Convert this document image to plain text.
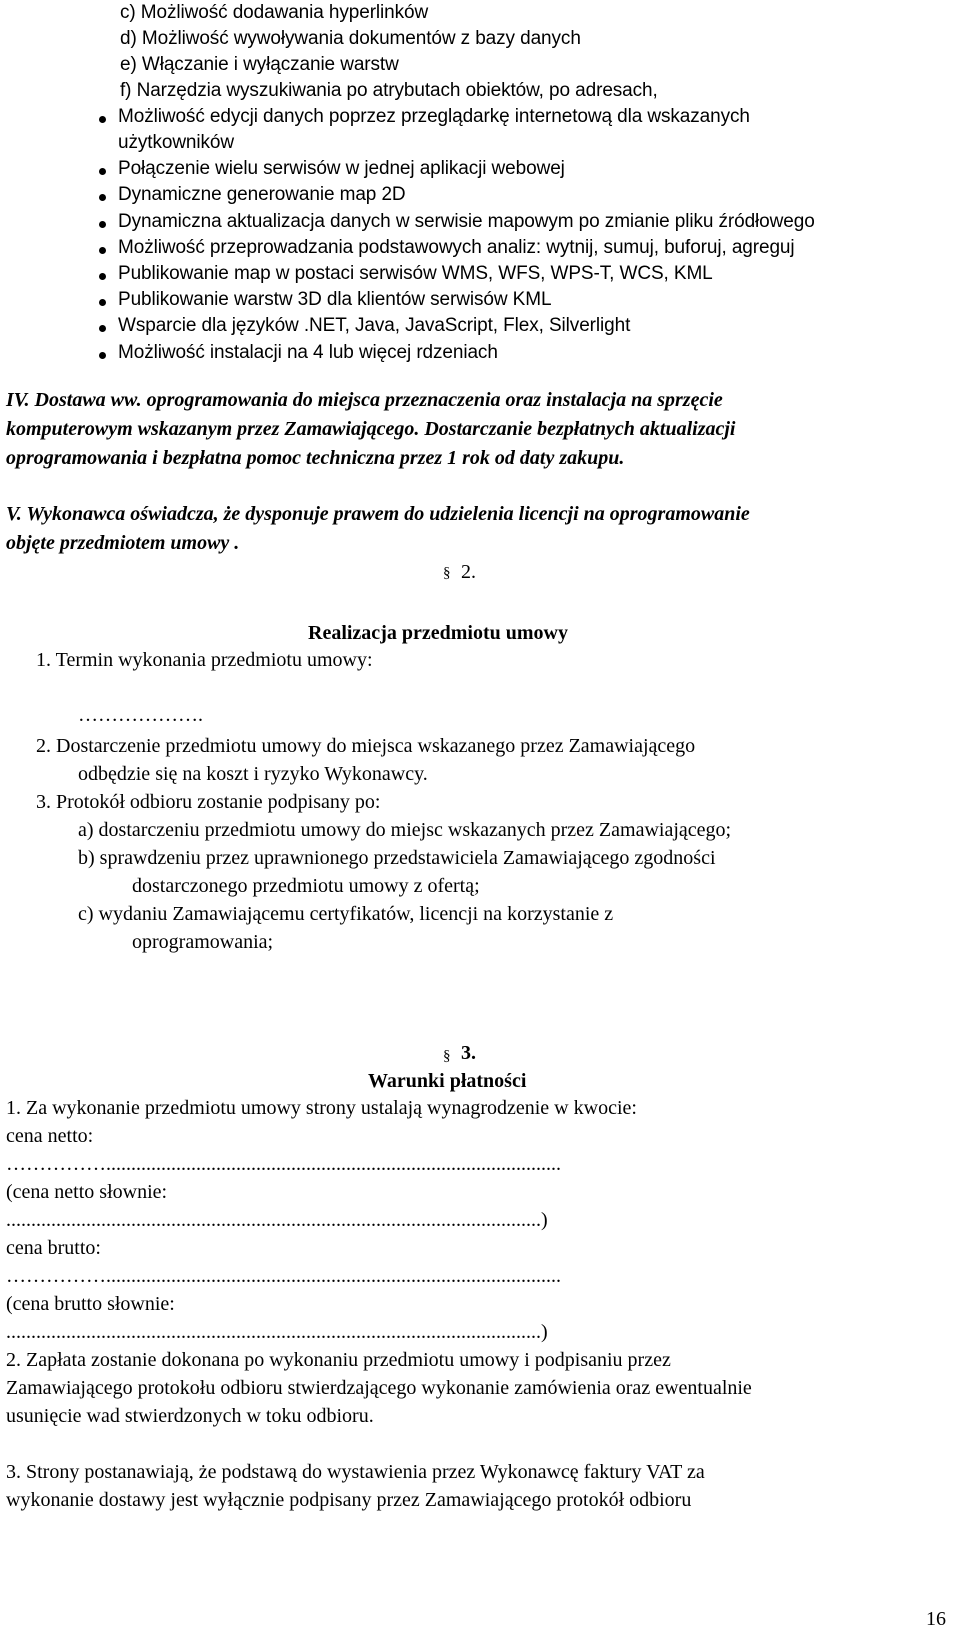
c) Możliwość dodawania hyperlinków
d) Możliwość wywoływania dokumentów z bazy danych
e) Włączanie i wyłączanie warstw
f) Narzędzia wyszukiwania po atrybutach obiektów, po adresach,
Możliwość edycji danych poprzez przeglądarkę internetową dla wskazanych
użytkowników
Połączenie wielu serwisów w jednej aplikacji webowej
Dynamiczne generowanie map 2D
Dynamiczna aktualizacja danych w serwisie mapowym po zmianie pliku źródłowego
Możliwość przeprowadzania podstawowych analiz: wytnij, sumuj, buforuj, agreguj
Publikowanie map w postaci serwisów WMS, WFS, WPS-T, WCS, KML
Publikowanie warstw 3D dla klientów serwisów KML
Wsparcie dla języków .NET, Java, JavaScript, Flex, Silverlight
Możliwość instalacji na 4 lub więcej rdzeniach
IV. Dostawa ww. oprogramowania do miejsca przeznaczenia oraz instalacja na sprzęcie
komputerowym wskazanym przez Zamawiającego. Dostarczanie bezpłatnych aktualizacji
oprogramowania i bezpłatna pomoc techniczna przez 1 rok od daty zakupu.
V. Wykonawca oświadcza, że dysponuje prawem do udzielenia licencji na oprogramowanie
objęte przedmiotem umowy .
§ 2.
Realizacja przedmiotu umowy
1. Termin wykonania przedmiotu umowy:
……………….
2. Dostarczenie przedmiotu umowy do miejsca wskazanego przez Zamawiającego
odbędzie się na koszt i ryzyko Wykonawcy.
3. Protokół odbioru zostanie podpisany po:
a) dostarczeniu przedmiotu umowy do miejsc wskazanych przez Zamawiającego;
b) sprawdzeniu przez uprawnionego przedstawiciela Zamawiającego zgodności
dostarczonego przedmiotu umowy z ofertą;
c) wydaniu Zamawiającemu certyfikatów, licencji na korzystanie z
oprogramowania;
§ 3.
Warunki płatności
1. Za wykonanie przedmiotu umowy strony ustalają wynagrodzenie w kwocie:
cena netto:
……………...........................................................................................
(cena netto słownie:
...........................................................................................................)
cena brutto:
……………...........................................................................................
(cena brutto słownie:
...........................................................................................................)
2. Zapłata zostanie dokonana po wykonaniu przedmiotu umowy i podpisaniu przez
Zamawiającego protokołu odbioru stwierdzającego wykonanie zamówienia oraz ewentualnie
usunięcie wad stwierdzonych w toku odbioru.
3. Strony postanawiają, że podstawą do wystawienia przez Wykonawcę faktury VAT za
wykonanie dostawy jest wyłącznie podpisany przez Zamawiającego protokół odbioru
16
